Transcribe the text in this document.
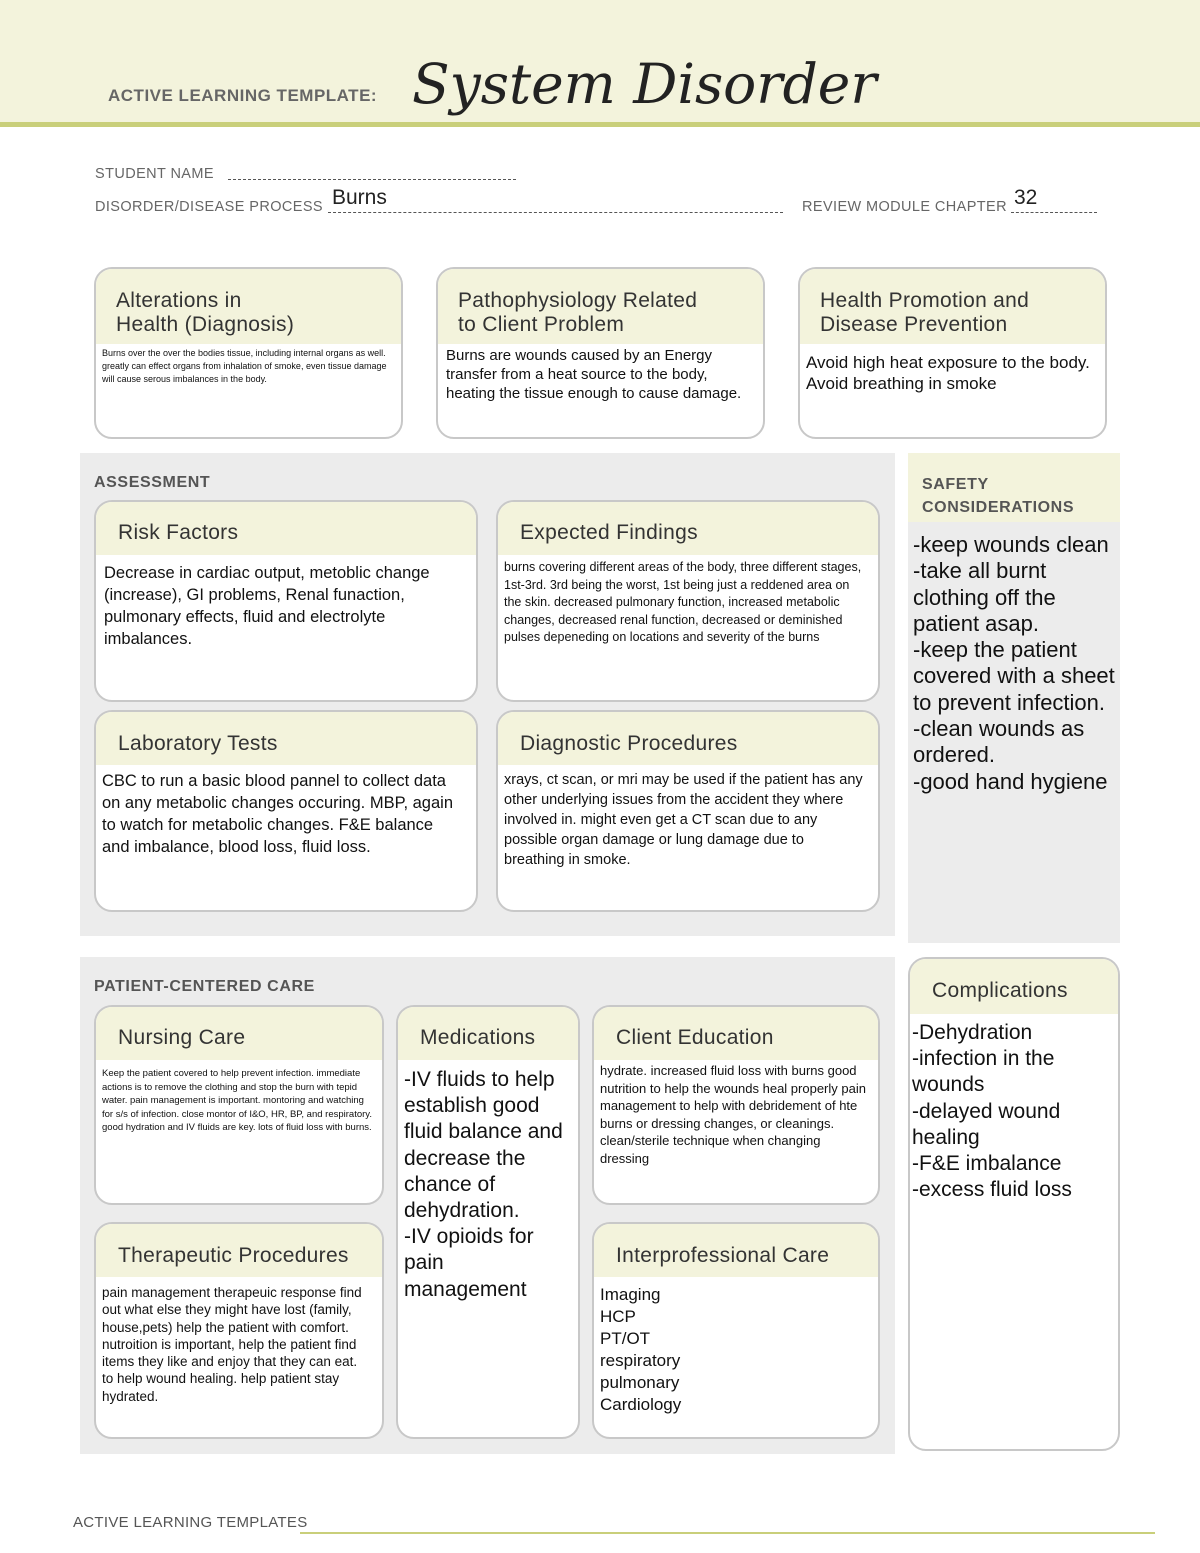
ACTIVE LEARNING TEMPLATE: System Disorder
STUDENT NAME
DISORDER/DISEASE PROCESS Burns	REVIEW MODULE CHAPTER 32
Alterations in
Health (Diagnosis)
Burns over the over the bodies tissue, including internal organs as well. greatly can effect organs from inhalation of smoke, even tissue damage will cause serous imbalances in the body.
Pathophysiology Related
to Client Problem
Burns are wounds caused by an Energy transfer from a heat source to the body, heating the tissue enough to cause damage.
Health Promotion and
Disease Prevention
Avoid high heat exposure to the body.
Avoid breathing in smoke
ASSESSMENT
Risk Factors
Decrease in cardiac output, metoblic change (increase), GI problems, Renal funaction, pulmonary effects, fluid and electrolyte imbalances.
Expected Findings
burns covering different areas of the body, three different stages, 1st-3rd. 3rd being the worst, 1st being just a reddened area on the skin. decreased pulmonary function, increased metabolic changes, decreased renal function, decreased or deminished pulses depeneding on locations and severity of the burns
Laboratory Tests
CBC to run a basic blood pannel to collect data on any metabolic changes occuring. MBP, again to watch for metabolic changes. F&E balance and imbalance, blood loss, fluid loss.
Diagnostic Procedures
xrays, ct scan, or mri may be used if the patient has any other underlying issues from the accident they where involved in. might even get a CT scan due to any possible organ damage or lung damage due to breathing in smoke.
SAFETY
CONSIDERATIONS
-keep wounds clean
-take all burnt clothing off the patient asap.
-keep the patient covered with a sheet to prevent infection.
-clean wounds as ordered.
-good hand hygiene
PATIENT-CENTERED CARE
Nursing Care
Keep the patient covered to help prevent infection. immediate actions is to remove the clothing and stop the burn with tepid water. pain management is important. montoring and watching for s/s of infection. close montor of I&O, HR, BP, and respiratory. good hydration and IV fluids are key. lots of fluid loss with burns.
Medications
-IV fluids to help establish good fluid balance and decrease the chance of dehydration.
-IV opioids for pain management
Client Education
hydrate. increased fluid loss with burns good nutrition to help the wounds heal properly pain management to help with debridement of hte burns or dressing changes, or cleanings. clean/sterile technique when changing dressing
Therapeutic Procedures
pain management therapeuic response find out what else they might have lost (family, house,pets) help the patient with comfort. nutroition is important, help the patient find items they like and enjoy that they can eat. to help wound healing. help patient stay hydrated.
Interprofessional Care
Imaging
HCP
PT/OT
respiratory
pulmonary
Cardiology
Complications
-Dehydration
-infection in the wounds
-delayed wound healing
-F&E imbalance
-excess fluid loss
ACTIVE LEARNING TEMPLATES
